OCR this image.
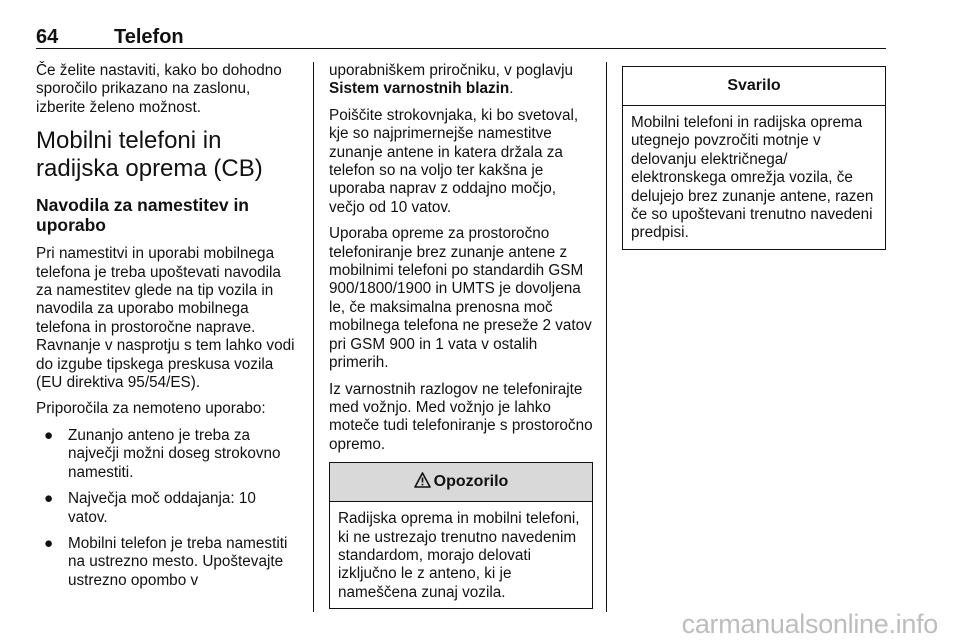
64	Telefon

Če želite nastaviti, kako bo dohodno sporočilo prikazano na zaslonu, izberite želeno možnost.

Mobilni telefoni in radijska oprema (CB)
Navodila za namestitev in uporabo

Pri namestitvi in uporabi mobilnega telefona je treba upoštevati navodila za namestitev glede na tip vozila in navodila za uporabo mobilnega telefona in prostoročne naprave. Ravnanje v nasprotju s tem lahko vodi do izgube tipskega preskusa vozila (EU direktiva 95/54/ES).

Priporočila za nemoteno uporabo:

● Zunanjo anteno je treba za največji možni doseg strokovno namestiti.
● Največja moč oddajanja: 10 vatov.
● Mobilni telefon je treba namestiti na ustrezno mesto. Upoštevajte ustrezno opombo v

uporabniškem priročniku, v poglavju Sistem varnostnih blazin.

Poiščite strokovnjaka, ki bo svetoval, kje so najprimernejše namestitve zunanje antene in katera držala za telefon so na voljo ter kakšna je uporaba naprav z oddajno močjo, večjo od 10 vatov.

Uporaba opreme za prostoročno telefoniranje brez zunanje antene z mobilnimi telefoni po standardih GSM 900/1800/1900 in UMTS je dovoljena le, če maksimalna prenosna moč mobilnega telefona ne preseže 2 vatov pri GSM 900 in 1 vata v ostalih primerih.

Iz varnostnih razlogov ne telefonirajte med vožnjo. Med vožnjo je lahko moteče tudi telefoniranje s prostoročno opremo.

Opozorilo

Radijska oprema in mobilni telefoni, ki ne ustrezajo trenutno navedenim standardom, morajo delovati izključno le z anteno, ki je nameščena zunaj vozila.

Svarilo

Mobilni telefoni in radijska oprema utegnejo povzročiti motnje v delovanju električnega/ elektronskega omrežja vozila, če delujejo brez zunanje antene, razen če so upoštevani trenutno navedeni predpisi.

carmanualsonline.info
